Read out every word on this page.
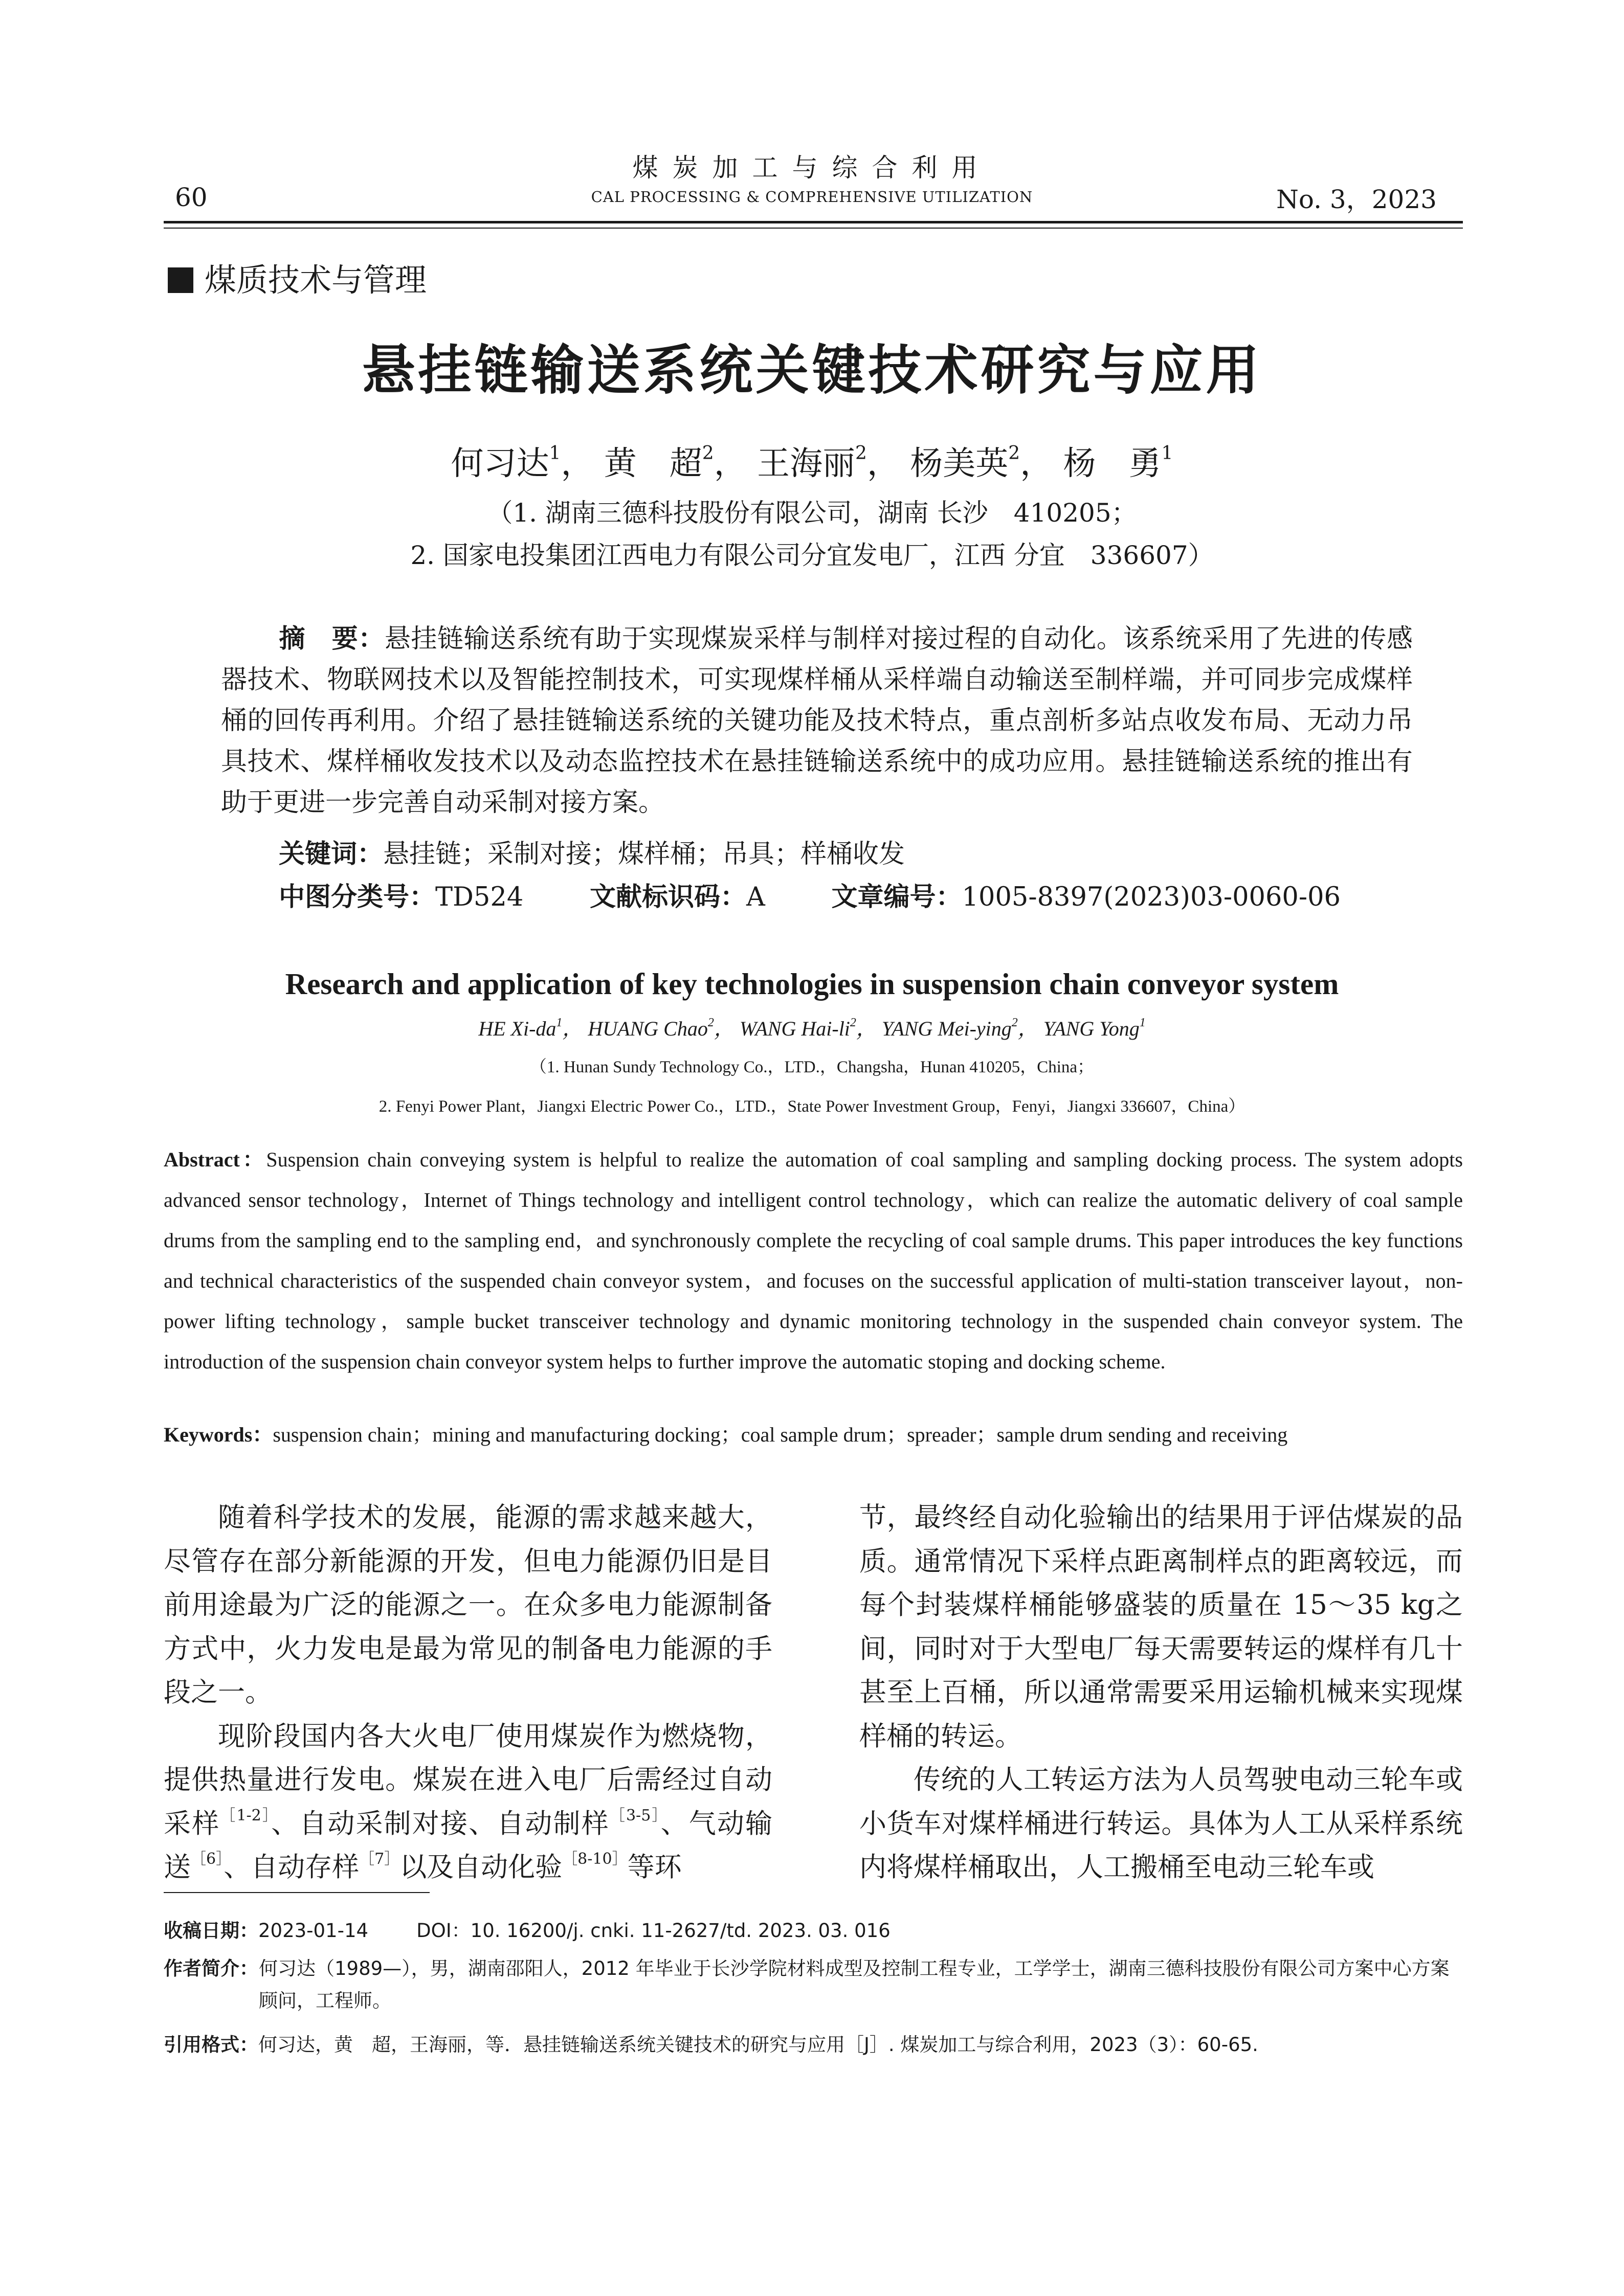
煤炭加工与综合利用
CAL PROCESSING & COMPREHENSIVE UTILIZATION
60	No. 3，2023
煤质技术与管理
悬挂链输送系统关键技术研究与应用
何习达$^1$， 黄　超$^2$， 王海丽$^2$， 杨美英$^2$， 杨　勇$^1$
（1. 湖南三德科技股份有限公司，湖南 长沙　410205；
2. 国家电投集团江西电力有限公司分宜发电厂，江西 分宜　336607）
摘　要：悬挂链输送系统有助于实现煤炭采样与制样对接过程的自动化。该系统采用了先进的传感器技术、物联网技术以及智能控制技术，可实现煤样桶从采样端自动输送至制样端，并可同步完成煤样桶的回传再利用。介绍了悬挂链输送系统的关键功能及技术特点，重点剖析多站点收发布局、无动力吊具技术、煤样桶收发技术以及动态监控技术在悬挂链输送系统中的成功应用。悬挂链输送系统的推出有助于更进一步完善自动采制对接方案。
关键词：悬挂链；采制对接；煤样桶；吊具；样桶收发
中图分类号：TD524	文献标识码：A	文章编号：1005-8397(2023)03-0060-06
Research and application of key technologies in suspension chain conveyor system
HE $Xi-da^1$， HUANG Chao$^2$， WANG Hai-$li^2$， YANG Mei-ying$^2$， YANG Yong$^1$
（1. Hunan Sundy Technology Co.，LTD.，Changsha，Hunan 410205，China；
2. Fenyi Power Plant，Jiangxi Electric Power Co.，LTD.，State Power Investment Group，Fenyi，Jiangxi 336607，China）
Abstract：Suspension chain conveying system is helpful to realize the automation of coal sampling and sampling docking process. The system adopts advanced sensor technology，Internet of Things technology and intelligent control technology，which can realize the automatic delivery of coal sample drums from the sampling end to the sampling end，and synchronously complete the recycling of coal sample drums. This paper introduces the key functions and technical characteristics of the suspended chain conveyor system，and focuses on the successful application of multi-station transceiver layout，non-power lifting technology，sample bucket transceiver technology and dynamic monitoring technology in the suspended chain conveyor system. The introduction of the suspension chain conveyor system helps to further improve the automatic stoping and docking scheme.
Keywords：suspension chain；mining and manufacturing docking；coal sample drum；spreader；sample drum sending and receiving

随着科学技术的发展，能源的需求越来越大，尽管存在部分新能源的开发，但电力能源仍旧是目前用途最为广泛的能源之一。在众多电力能源制备方式中，火力发电是最为常见的制备电力能源的手段之一。

现阶段国内各大火电厂使用煤炭作为燃烧物，提供热量进行发电。煤炭在进入电厂后需经过自动采样$^{[1-2]}$、自动采制对接、自动制样$^{[3-5]}$、气动输送$^{[6]}$、自动存样$^{[7]}$以及自动化验$^{[8-10]}$等环

节，最终经自动化验输出的结果用于评估煤炭的品质。通常情况下采样点距离制样点的距离较远，而每个封装煤样桶能够盛装的质量在 15～35 kg之间，同时对于大型电厂每天需要转运的煤样有几十甚至上百桶，所以通常需要采用运输机械来实现煤样桶的转运。

传统的人工转运方法为人员驾驶电动三轮车或小货车对煤样桶进行转运。具体为人工从采样系统内将煤样桶取出，人工搬桶至电动三轮车或

收稿日期：2023-01-14	DOI：10. 16200/j. cnki. 11-2627/td. 2023. 03. 016
作者简介： 何习达（1989—），男，湖南邵阳人，2012 年毕业于长沙学院材料成型及控制工程专业，工学学士，湖南三德科技股份有限公司方案中心方案顾问，工程师。
引用格式：何习达，黄　超，王海丽，等．悬挂链输送系统关键技术的研究与应用［J］. 煤炭加工与综合利用，2023（3）：60-65.
